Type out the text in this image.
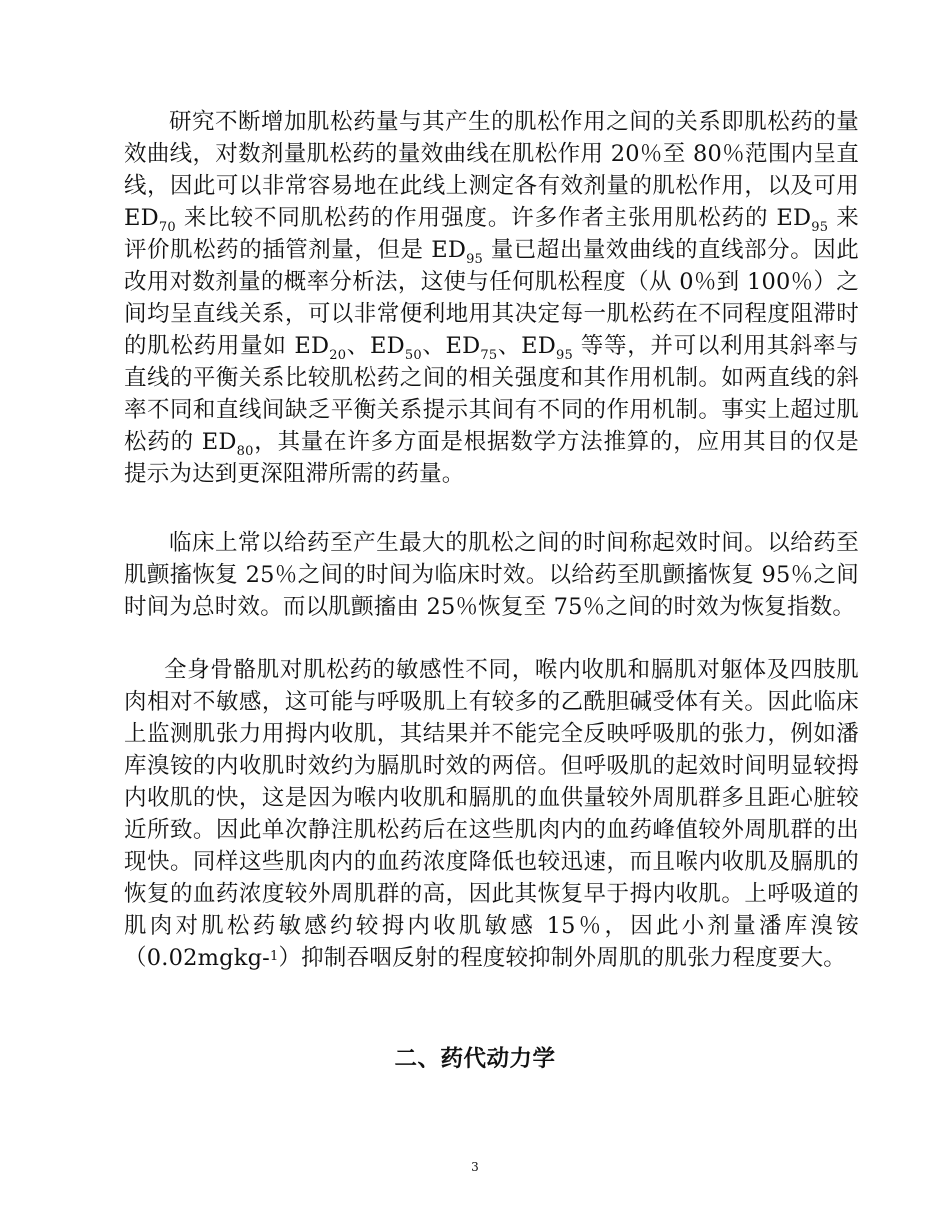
研究不断增加肌松药量与其产生的肌松作用之间的关系即肌松药的量效曲线，对数剂量肌松药的量效曲线在肌松作用 20％至 80％范围内呈直线，因此可以非常容易地在此线上测定各有效剂量的肌松作用，以及可用 $ED_{70}$ 来比较不同肌松药的作用强度。许多作者主张用肌松药的 $ED_{95}$ 来评价肌松药的插管剂量，但是 $ED_{95}$ 量已超出量效曲线的直线部分。因此改用对数剂量的概率分析法，这使与任何肌松程度（从 0％到 100％）之间均呈直线关系，可以非常便利地用其决定每一肌松药在不同程度阻滞时的肌松药用量如 $ED_{20}$、$ED_{50}$、$ED_{75}$、$ED_{95}$ 等等，并可以利用其斜率与直线的平衡关系比较肌松药之间的相关强度和其作用机制。如两直线的斜率不同和直线间缺乏平衡关系提示其间有不同的作用机制。事实上超过肌松药的 $ED_{80}$，其量在许多方面是根据数学方法推算的，应用其目的仅是提示为达到更深阻滞所需的药量。

临床上常以给药至产生最大的肌松之间的时间称起效时间。以给药至肌颤搐恢复 25％之间的时间为临床时效。以给药至肌颤搐恢复 95％之间时间为总时效。而以肌颤搐由 25％恢复至 75％之间的时效为恢复指数。

全身骨骼肌对肌松药的敏感性不同，喉内收肌和膈肌对躯体及四肢肌肉相对不敏感，这可能与呼吸肌上有较多的乙酰胆碱受体有关。因此临床上监测肌张力用拇内收肌，其结果并不能完全反映呼吸肌的张力，例如潘库溴铵的内收肌时效约为膈肌时效的两倍。但呼吸肌的起效时间明显较拇内收肌的快，这是因为喉内收肌和膈肌的血供量较外周肌群多且距心脏较近所致。因此单次静注肌松药后在这些肌肉内的血药峰值较外周肌群的出现快。同样这些肌肉内的血药浓度降低也较迅速，而且喉内收肌及膈肌的恢复的血药浓度较外周肌群的高，因此其恢复早于拇内收肌。上呼吸道的肌肉对肌松药敏感约较拇内收肌敏感 15％，因此小剂量潘库溴铵（0.02mgkg-$^1$）抑制吞咽反射的程度较抑制外周肌的肌张力程度要大。

二、药代动力学
3
